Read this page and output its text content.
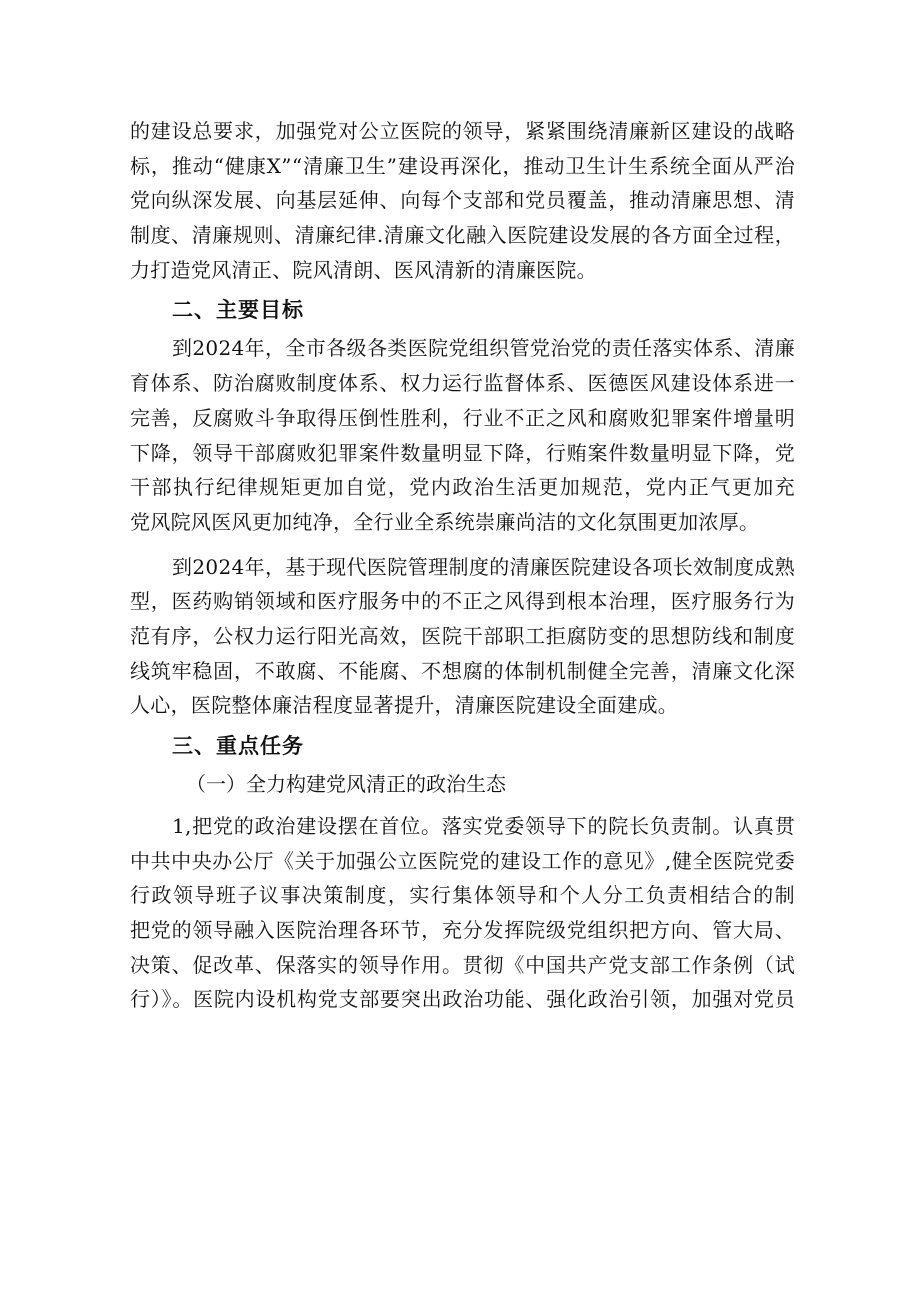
的建设总要求，加强党对公立医院的领导，紧紧围绕清廉新区建设的战略
标，推动“健康X”“清廉卫生”建设再深化，推动卫生计生系统全面从严治
党向纵深发展、向基层延伸、向每个支部和党员覆盖，推动清廉思想、清
制度、清廉规则、清廉纪律.清廉文化融入医院建设发展的各方面全过程，
力打造党风清正、院风清朗、医风清新的清廉医院。
二、主要目标
到2024年，全市各级各类医院党组织管党治党的责任落实体系、清廉
育体系、防治腐败制度体系、权力运行监督体系、医德医风建设体系进一
完善，反腐败斗争取得压倒性胜利，行业不正之风和腐败犯罪案件增量明
下降，领导干部腐败犯罪案件数量明显下降，行贿案件数量明显下降，党
干部执行纪律规矩更加自觉，党内政治生活更加规范，党内正气更加充
党风院风医风更加纯净，全行业全系统崇廉尚洁的文化氛围更加浓厚。
到2024年，基于现代医院管理制度的清廉医院建设各项长效制度成熟
型，医药购销领域和医疗服务中的不正之风得到根本治理，医疗服务行为
范有序，公权力运行阳光高效，医院干部职工拒腐防变的思想防线和制度
线筑牢稳固，不敢腐、不能腐、不想腐的体制机制健全完善，清廉文化深
人心，医院整体廉洁程度显著提升，清廉医院建设全面建成。
三、重点任务
（一）全力构建党风清正的政治生态
1,把党的政治建设摆在首位。落实党委领导下的院长负责制。认真贯
中共中央办公厅《关于加强公立医院党的建设工作的意见》,健全医院党委
行政领导班子议事决策制度，实行集体领导和个人分工负责相结合的制
把党的领导融入医院治理各环节，充分发挥院级党组织把方向、管大局、
决策、促改革、保落实的领导作用。贯彻《中国共产党支部工作条例（试
行）》。医院内设机构党支部要突出政治功能、强化政治引领，加强对党员
